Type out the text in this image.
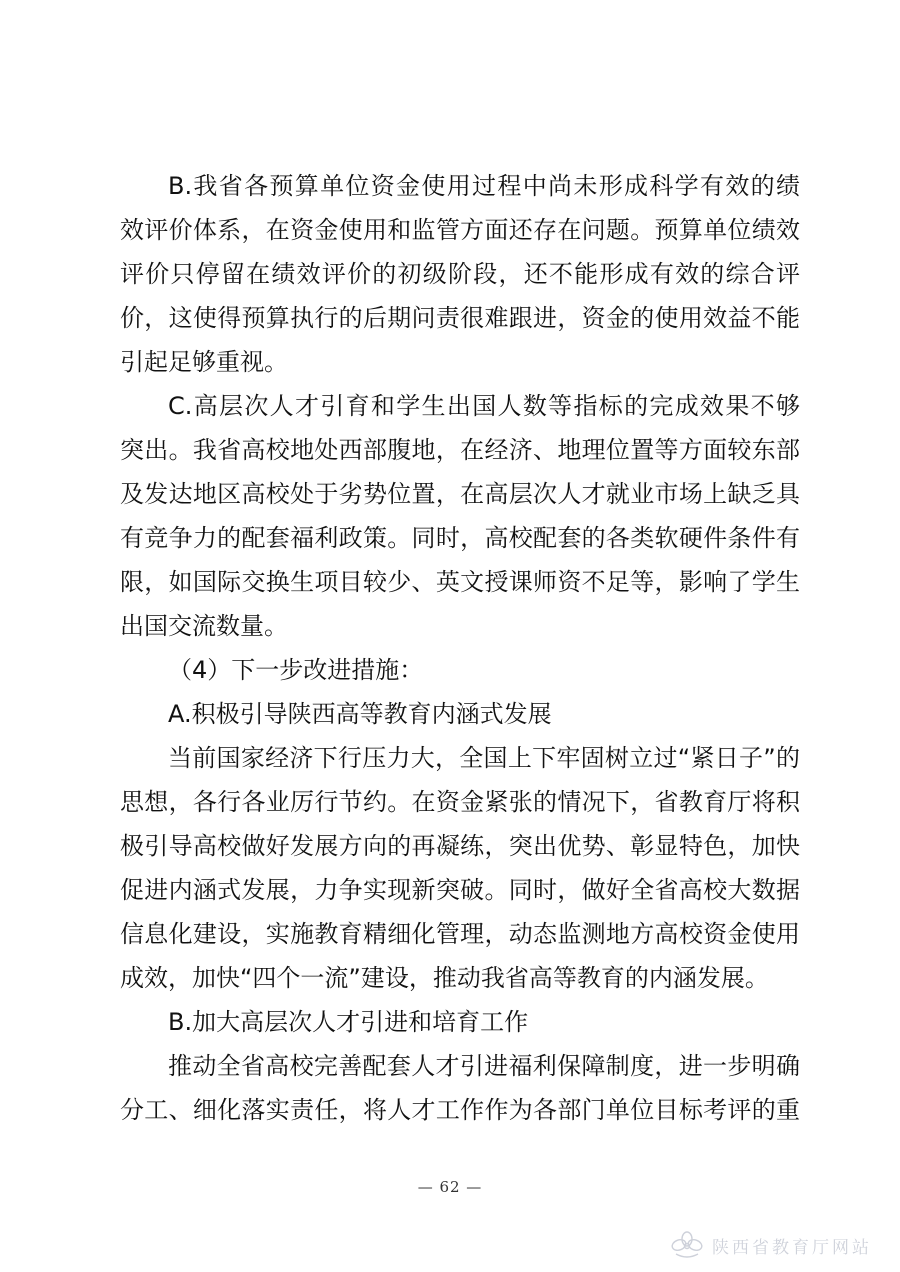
B.我省各预算单位资金使用过程中尚未形成科学有效的绩
效评价体系，在资金使用和监管方面还存在问题。预算单位绩效
评价只停留在绩效评价的初级阶段，还不能形成有效的综合评
价，这使得预算执行的后期问责很难跟进，资金的使用效益不能
引起足够重视。
C.高层次人才引育和学生出国人数等指标的完成效果不够
突出。我省高校地处西部腹地，在经济、地理位置等方面较东部
及发达地区高校处于劣势位置，在高层次人才就业市场上缺乏具
有竞争力的配套福利政策。同时，高校配套的各类软硬件条件有
限，如国际交换生项目较少、英文授课师资不足等，影响了学生
出国交流数量。
（4）下一步改进措施：
A.积极引导陕西高等教育内涵式发展
当前国家经济下行压力大，全国上下牢固树立过“紧日子”的
思想，各行各业厉行节约。在资金紧张的情况下，省教育厅将积
极引导高校做好发展方向的再凝练，突出优势、彰显特色，加快
促进内涵式发展，力争实现新突破。同时，做好全省高校大数据
信息化建设，实施教育精细化管理，动态监测地方高校资金使用
成效，加快“四个一流”建设，推动我省高等教育的内涵发展。
B.加大高层次人才引进和培育工作
推动全省高校完善配套人才引进福利保障制度，进一步明确
分工、细化落实责任，将人才工作作为各部门单位目标考评的重
— 62 —
陕西省教育厅网站
